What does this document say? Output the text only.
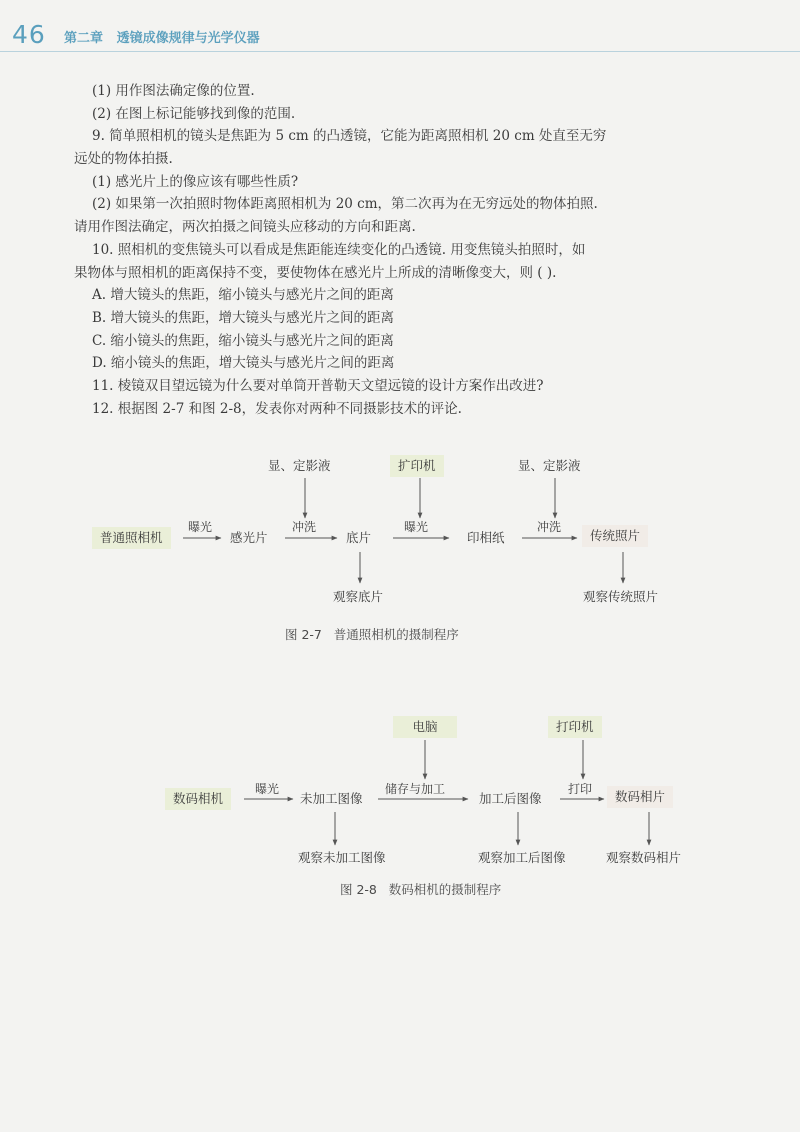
46 第二章   透镜成像规律与光学仪器
(1) 用作图法确定像的位置.
(2) 在图上标记能够找到像的范围.
9. 简单照相机的镜头是焦距为 5 cm 的凸透镜，它能为距离照相机 20 cm 处直至无穷
远处的物体拍摄.
(1) 感光片上的像应该有哪些性质?
(2) 如果第一次拍照时物体距离照相机为 20 cm，第二次再为在无穷远处的物体拍照.
请用作图法确定，两次拍摄之间镜头应移动的方向和距离.
10. 照相机的变焦镜头可以看成是焦距能连续变化的凸透镜. 用变焦镜头拍照时，如
果物体与照相机的距离保持不变，要使物体在感光片上所成的清晰像变大，则 ( ).
A. 增大镜头的焦距，缩小镜头与感光片之间的距离
B. 增大镜头的焦距，增大镜头与感光片之间的距离
C. 缩小镜头的焦距，缩小镜头与感光片之间的距离
D. 缩小镜头的焦距，增大镜头与感光片之间的距离
11. 棱镜双目望远镜为什么要对单筒开普勒天文望远镜的设计方案作出改进?
12. 根据图 2-7 和图 2-8，发表你对两种不同摄影技术的评论.
普通照相机	感光片	底片	印相纸	传统照片
显、定影液	扩印机	显、定影液
观察底片	观察传统照片
曝光	冲洗	曝光	冲洗
图 2-7   普通照相机的摄制程序
数码相机	未加工图像	加工后图像	数码相片
电脑	打印机
观察未加工图像	观察加工后图像	观察数码相片
曝光	储存与加工	打印
图 2-8   数码相机的摄制程序
